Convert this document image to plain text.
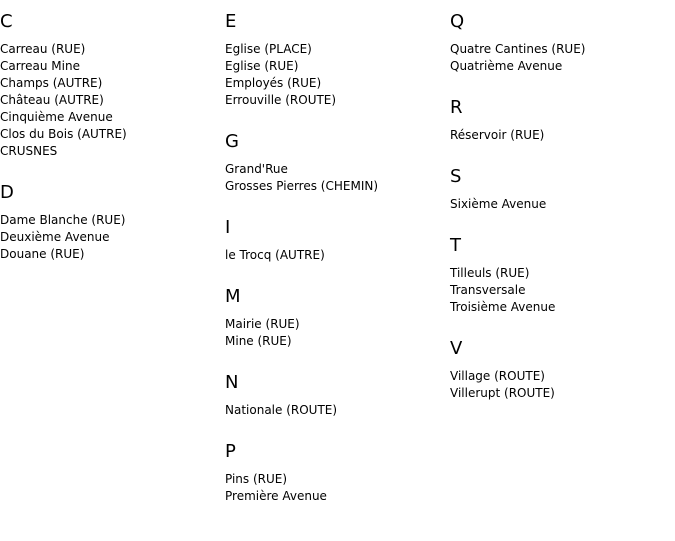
C
Carreau (RUE)
Carreau Mine
Champs (AUTRE)
Château (AUTRE)
Cinquième Avenue
Clos du Bois (AUTRE)
CRUSNES
D
Dame Blanche (RUE)
Deuxième Avenue
Douane (RUE)
E
Eglise (PLACE)
Eglise (RUE)
Employés (RUE)
Errouville (ROUTE)
G
Grand'Rue
Grosses Pierres (CHEMIN)
I
le Trocq (AUTRE)
M
Mairie (RUE)
Mine (RUE)
N
Nationale (ROUTE)
P
Pins (RUE)
Première Avenue
Q
Quatre Cantines (RUE)
Quatrième Avenue
R
Réservoir (RUE)
S
Sixième Avenue
T
Tilleuls (RUE)
Transversale
Troisième Avenue
V
Village (ROUTE)
Villerupt (ROUTE)
